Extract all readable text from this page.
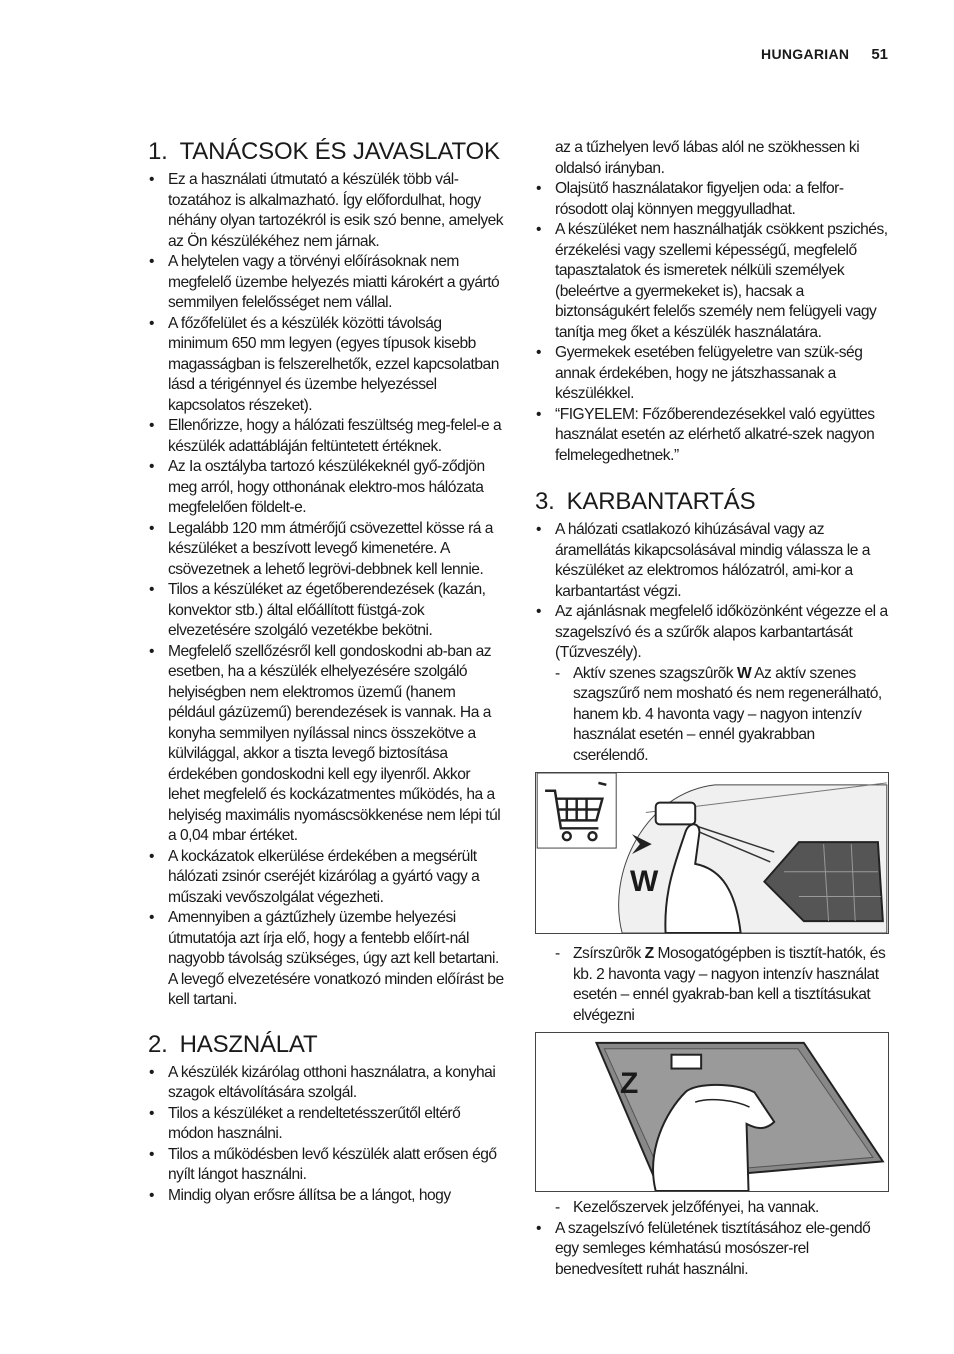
HUNGARIAN 51
1. TANÁCSOK ÉS JAVASLATOK
• Ez a használati útmutató a készülék több vál-tozatához is alkalmazható. Így előfordulhat, hogy néhány olyan tartozékról is esik szó benne, amelyek az Ön készülékéhez nem járnak.
• A helytelen vagy a törvényi előírásoknak nem megfelelő üzembe helyezés miatti károkért a gyártó semmilyen felelősséget nem vállal.
• A főzőfelület és a készülék közötti távolság minimum 650 mm legyen (egyes típusok kisebb magasságban is felszerelhetők, ezzel kapcsolatban lásd a térigénnyel és üzembe helyezéssel kapcsolatos részeket).
• Ellenőrizze, hogy a hálózati feszültség meg-felel-e a készülék adattábláján feltüntetett értéknek.
• Az Ia osztályba tartozó készülékeknél győ-ződjön meg arról, hogy otthonának elektro-mos hálózata megfelelően földelt-e.
• Legalább 120 mm átmérőjű csövezettel kösse rá a készüléket a beszívott levegő kimenetére. A csövezetnek a lehető legrövi-debbnek kell lennie.
• Tilos a készüléket az égetőberendezések (kazán, konvektor stb.) által előállított füstgá-zok elvezetésére szolgáló vezetékbe bekötni.
• Megfelelő szellőzésről kell gondoskodni ab-ban az esetben, ha a készülék elhelyezésére szolgáló helyiségben nem elektromos üzemű (hanem például gázüzemű) berendezések is vannak. Ha a konyha semmilyen nyílással nincs összekötve a külvilággal, akkor a tiszta levegő biztosítása érdekében gondoskodni kell egy ilyenről. Akkor lehet megfelelő és kockázatmentes működés, ha a helyiség maximális nyomáscsökkenése nem lépi túl a 0,04 mbar értéket.
• A kockázatok elkerülése érdekében a megsérült hálózati zsinór cseréjét kizárólag a gyártó vagy a műszaki vevőszolgálat végezheti.
• Amennyiben a gáztűzhely üzembe helyezési útmutatója azt írja elő, hogy a fentebb előírt-nál nagyobb távolság szükséges, úgy azt kell betartani. A levegő elvezetésére vonatkozó minden előírást be kell tartani.
2. HASZNÁLAT
• A készülék kizárólag otthoni használatra, a konyhai szagok eltávolítására szolgál.
• Tilos a készüléket a rendeltetésszerűtől eltérő módon használni.
• Tilos a működésben levő készülék alatt erősen égő nyílt lángot használni.
• Mindig olyan erősre állítsa be a lángot, hogy
az a tűzhelyen levő lábas alól ne szökhessen ki oldalsó irányban.
• Olajsütő használatakor figyeljen oda: a felfor-rósodott olaj könnyen meggyulladhat.
• A készüléket nem használhatják csökkent pszichés, érzékelési vagy szellemi képességű, megfelelő tapasztalatok és ismeretek nélküli személyek (beleértve a gyermekeket is), hacsak a biztonságukért felelős személy nem felügyeli vagy tanítja meg őket a készülék használatára.
• Gyermekek esetében felügyeletre van szük-ség annak érdekében, hogy ne játszhassanak a készülékkel.
• “FIGYELEM: Főzőberendezésekkel való együttes használat esetén az elérhető alkatré-szek nagyon felmelegedhetnek.”
3. KARBANTARTÁS
• A hálózati csatlakozó kihúzásával vagy az áramellátás kikapcsolásával mindig válassza le a készüléket az elektromos hálózatról, ami-kor a karbantartást végzi.
• Az ajánlásnak megfelelő időközönként végezze el a szagelszívó és a szűrők alapos karbantartását (Tűzveszély).
- Aktív szenes szagszûrõk W Az aktív szenes szagszűrő nem mosható és nem regenerálható, hanem kb. 4 havonta vagy – nagyon intenzív használat esetén – ennél gyakrabban cserélendő.
W
- Zsírszûrõk Z Mosogatógépben is tisztít-hatók, és kb. 2 havonta vagy – nagyon intenzív használat esetén – ennél gyakrab-ban kell a tisztításukat elvégezni
Z
- Kezelőszervek jelzőfényei, ha vannak.
• A szagelszívó felületének tisztításához ele-gendő egy semleges kémhatású mosószer-rel benedvesített ruhát használni.
